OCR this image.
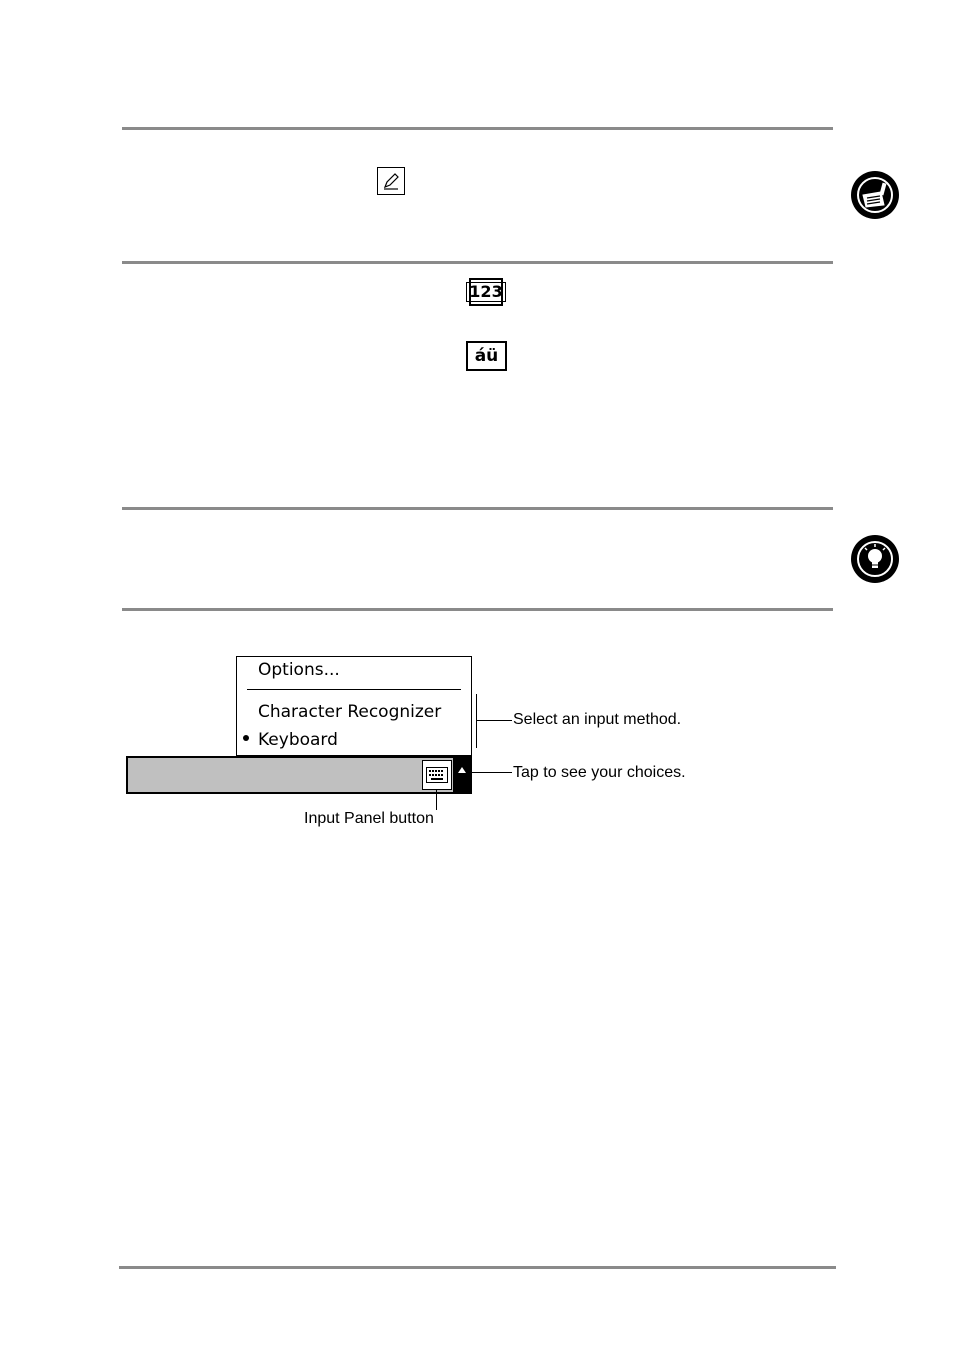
123
áü
Options...
Character Recognizer
Keyboard
Select an input method.
Tap to see your choices.
Input Panel button
